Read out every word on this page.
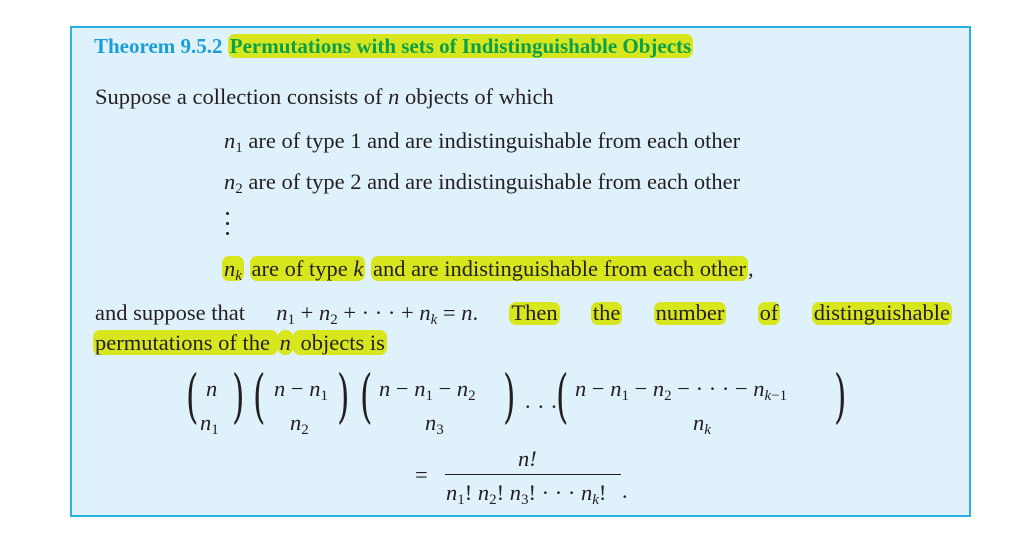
Theorem 9.5.2 Permutations with sets of Indistinguishable Objects
Suppose a collection consists of n objects of which
$n_1$ are of type 1 and are indistinguishable from each other
$n_2$ are of type 2 and are indistinguishable from each other
$n_k$ are of type k and are indistinguishable from each other,
and suppose that $n_1 + n_2$ + · · · + $n_k = n$. Then the number of distinguishable
permutations of the n objects is
( n
$n_1$ ) ( $n - n_1$
$n_2$ ) ( $n - n_1 - n_2$
$n_3$ ) · · ·
( $n - n_1 - n_2$ − · · · − $n_{k-1}$
$n_k$ )
=
n!
$n_1$! $n_2$! $n_3$! · · · $n_k$! .
